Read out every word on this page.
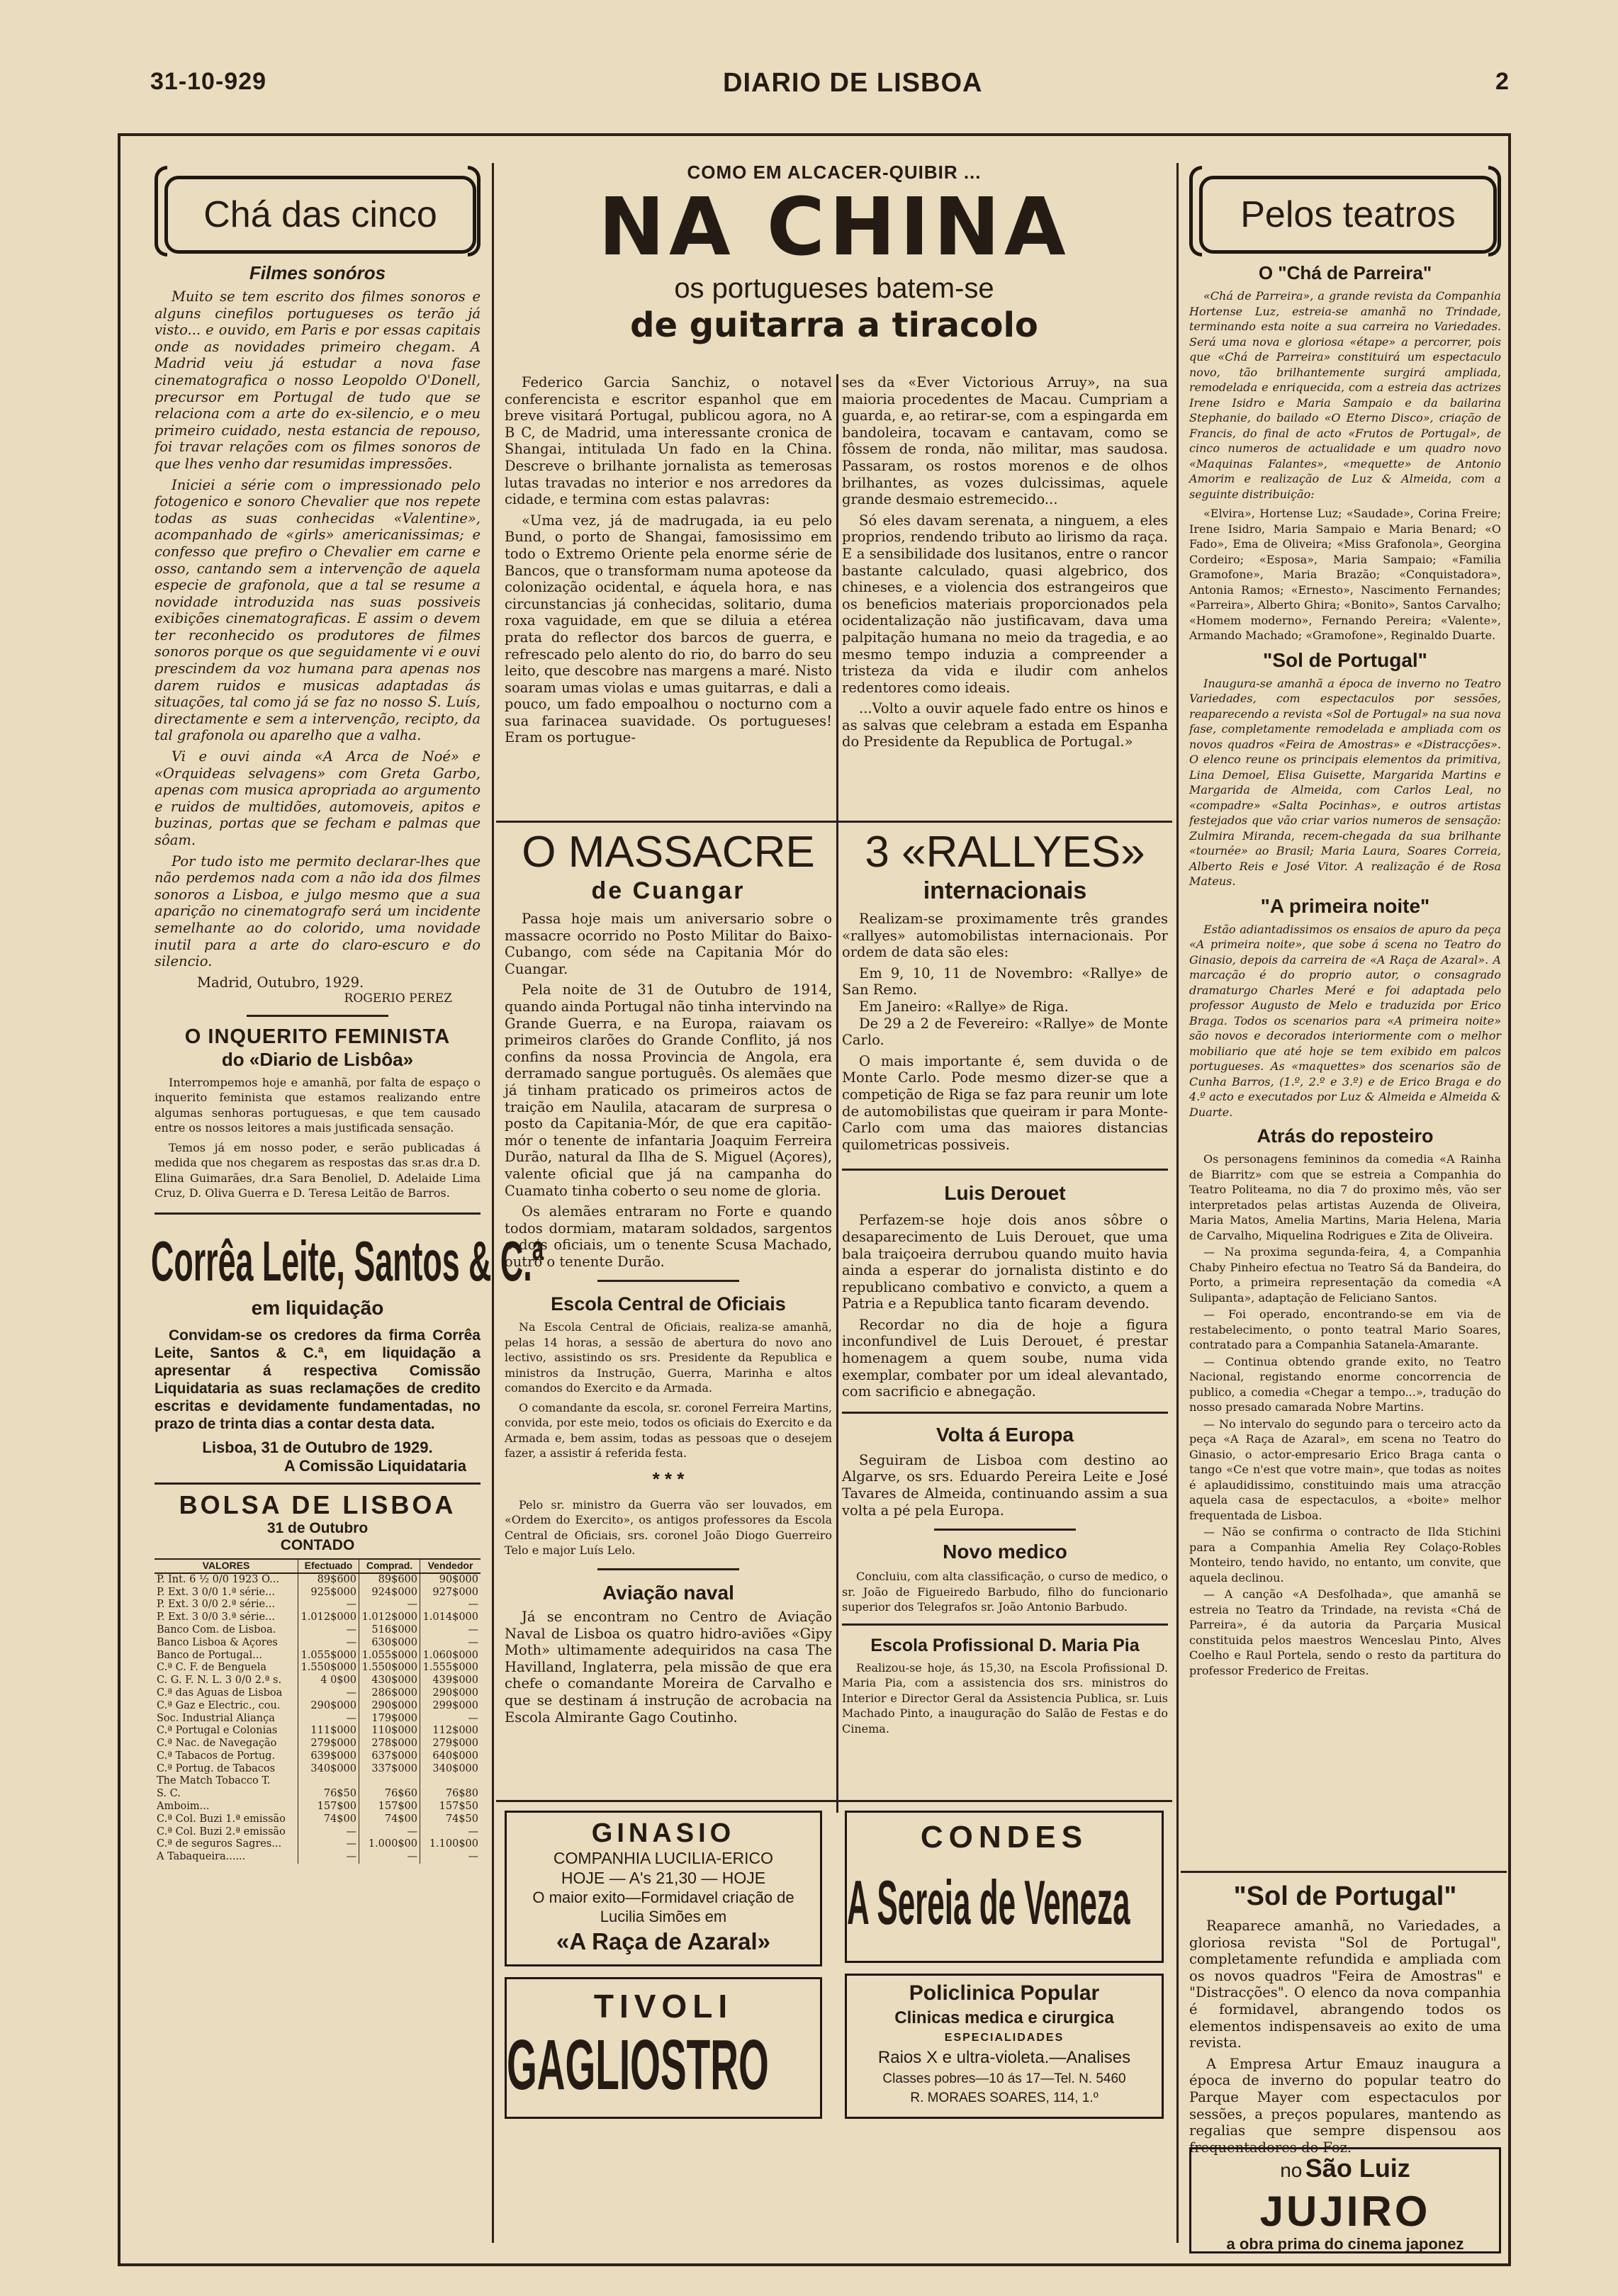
31-10-929	DIARIO DE LISBOA	2
Chá das cinco
Filmes sonóros

Muito se tem escrito dos filmes sonoros e alguns cinefilos portugueses os terão já visto... e ouvido, em Paris e por essas capitais onde as novidades primeiro chegam. A Madrid veiu já estudar a nova fase cinematografica o nosso Leopoldo O'Donell, precursor em Portugal de tudo que se relaciona com a arte do ex-silencio, e o meu primeiro cuidado, nesta estancia de repouso, foi travar relações com os filmes sonoros de que lhes venho dar resumidas impressões.

Iniciei a série com o impressionado pelo fotogenico e sonoro Chevalier que nos repete todas as suas conhecidas «Valentine», acompanhado de «girls» americanissimas; e confesso que prefiro o Chevalier em carne e osso, cantando sem a intervenção de aquela especie de grafonola, que a tal se resume a novidade introduzida nas suas possiveis exibições cinematograficas. E assim o devem ter reconhecido os produtores de filmes sonoros porque os que seguidamente vi e ouvi prescindem da voz humana para apenas nos darem ruidos e musicas adaptadas ás situações, tal como já se faz no nosso S. Luís, directamente e sem a intervenção, recipto, da tal grafonola ou aparelho que a valha.

Vi e ouvi ainda «A Arca de Noé» e «Orquideas selvagens» com Greta Garbo, apenas com musica apropriada ao argumento e ruidos de multidões, automoveis, apitos e buzinas, portas que se fecham e palmas que sôam.

Por tudo isto me permito declarar-lhes que não perdemos nada com a não ida dos filmes sonoros a Lisboa, e julgo mesmo que a sua aparição no cinematografo será um incidente semelhante ao do colorido, uma novidade inutil para a arte do claro-escuro e do silencio.

Madrid, Outubro, 1929.
ROGERIO PEREZ
O INQUERITO FEMINISTA
do «Diario de Lisbôa»

Interrompemos hoje e amanhã, por falta de espaço o inquerito feminista que estamos realizando entre algumas senhoras portuguesas, e que tem causado entre os nossos leitores a mais justificada sensação.

Temos já em nosso poder, e serão publicadas á medida que nos chegarem as respostas das sr.as dr.a D. Elina Guimarães, dr.a Sara Benoliel, D. Adelaide Lima Cruz, D. Oliva Guerra e D. Teresa Leitão de Barros.

Corrêa Leite, Santos & C.ª
em liquidação

Convidam-se os credores da firma Corrêa Leite, Santos & C.ª, em liquidação a apresentar á respectiva Comissão Liquidataria as suas reclamações de credito escritas e devidamente fundamentadas, no prazo de trinta dias a contar desta data.

Lisboa, 31 de Outubro de 1929.
A Comissão Liquidataria
BOLSA DE LISBOA
31 de Outubro
CONTADO
VALORES	Efectuado	Comprad.	Vendedor
P. Int. 6 ½ 0/0 1923 O...	89$600	89$600	90$000
P. Ext. 3 0/0 1.ª série...	925$000	924$000	927$000
P. Ext. 3 0/0 2.ª série...	—	—	—
P. Ext. 3 0/0 3.ª série...	1.012$000	1.012$000	1.014$000
Banco Com. de Lisboa.	—	516$000	—
Banco Lisboa & Açores	—	630$000	—
Banco de Portugal...	1.055$000	1.055$000	1.060$000
C.ª C. F. de Benguela	1.550$000	1.550$000	1.555$000
C. G. F. N. L. 3 0/0 2.ª s.	4 0$00	430$000	439$000
C.ª das Aguas de Lisboa	—	286$000	290$000
C.ª Gaz e Electric., cou.	290$000	290$000	299$000
Soc. Industrial Aliança	—	179$000	—
C.ª Portugal e Colonias	111$000	110$000	112$000
C.ª Nac. de Navegação	279$000	278$000	279$000
C.ª Tabacos de Portug.	639$000	637$000	640$000
C.ª Portug. de Tabacos	340$000	337$000	340$000
The Match Tobacco T.			
S. C.	76$50	76$60	76$80
Amboim...	157$00	157$00	157$50
C.ª Col. Buzi 1.ª emissão	74$00	74$00	74$50
C.ª Col. Buzi 2.ª emissão	—	—	—
C.ª de seguros Sagres...	—	1.000$00	1.100$00
A Tabaqueira......	—	—	—
COMO EM ALCACER-QUIBIR ...
NA CHINA
os portugueses batem-se
de guitarra a tiracolo

Federico Garcia Sanchiz, o notavel conferencista e escritor espanhol que em breve visitará Portugal, publicou agora, no A B C, de Madrid, uma interessante cronica de Shangai, intitulada Un fado en la China. Descreve o brilhante jornalista as temerosas lutas travadas no interior e nos arredores da cidade, e termina com estas palavras:

«Uma vez, já de madrugada, ia eu pelo Bund, o porto de Shangai, famosissimo em todo o Extremo Oriente pela enorme série de Bancos, que o transformam numa apoteose da colonização ocidental, e áquela hora, e nas circunstancias já conhecidas, solitario, duma roxa vaguidade, em que se diluia a etérea prata do reflector dos barcos de guerra, e refrescado pelo alento do rio, do barro do seu leito, que descobre nas margens a maré. Nisto soaram umas violas e umas guitarras, e dali a pouco, um fado empoalhou o nocturno com a sua farinacea suavidade. Os portugueses! Eram os portugue-

ses da «Ever Victorious Arruy», na sua maioria procedentes de Macau. Cumpriam a guarda, e, ao retirar-se, com a espingarda em bandoleira, tocavam e cantavam, como se fôssem de ronda, não militar, mas saudosa. Passaram, os rostos morenos e de olhos brilhantes, as vozes dulcissimas, aquele grande desmaio estremecido...

Só eles davam serenata, a ninguem, a eles proprios, rendendo tributo ao lirismo da raça. E a sensibilidade dos lusitanos, entre o rancor bastante calculado, quasi algebrico, dos chineses, e a violencia dos estrangeiros que os beneficios materiais proporcionados pela ocidentalização não justificavam, dava uma palpitação humana no meio da tragedia, e ao mesmo tempo induzia a compreender a tristeza da vida e iludir com anhelos redentores como ideais.

...Volto a ouvir aquele fado entre os hinos e as salvas que celebram a estada em Espanha do Presidente da Republica de Portugal.»

O MASSACRE
de Cuangar

Passa hoje mais um aniversario sobre o massacre ocorrido no Posto Militar do Baixo-Cubango, com séde na Capitania Mór do Cuangar.

Pela noite de 31 de Outubro de 1914, quando ainda Portugal não tinha intervindo na Grande Guerra, e na Europa, raiavam os primeiros clarões do Grande Conflito, já nos confins da nossa Provincia de Angola, era derramado sangue português. Os alemães que já tinham praticado os primeiros actos de traição em Naulila, atacaram de surpresa o posto da Capitania-Mór, de que era capitão-mór o tenente de infantaria Joaquim Ferreira Durão, natural da Ilha de S. Miguel (Açores), valente oficial que já na campanha do Cuamato tinha coberto o seu nome de gloria.

Os alemães entraram no Forte e quando todos dormiam, mataram soldados, sargentos e dois oficiais, um o tenente Scusa Machado, outro o tenente Durão.

Escola Central de Oficiais

Na Escola Central de Oficiais, realiza-se amanhã, pelas 14 horas, a sessão de abertura do novo ano lectivo, assistindo os srs. Presidente da Republica e ministros da Instrução, Guerra, Marinha e altos comandos do Exercito e da Armada.

O comandante da escola, sr. coronel Ferreira Martins, convida, por este meio, todos os oficiais do Exercito e da Armada e, bem assim, todas as pessoas que o desejem fazer, a assistir á referida festa.

* * *

Pelo sr. ministro da Guerra vão ser louvados, em «Ordem do Exercito», os antigos professores da Escola Central de Oficiais, srs. coronel João Diogo Guerreiro Telo e major Luís Lelo.

Aviação naval

Já se encontram no Centro de Aviação Naval de Lisboa os quatro hidro-aviões «Gipy Moth» ultimamente adequiridos na casa The Havilland, Inglaterra, pela missão de que era chefe o comandante Moreira de Carvalho e que se destinam á instrução de acrobacia na Escola Almirante Gago Coutinho.

3 «RALLYES»
internacionais

Realizam-se proximamente três grandes «rallyes» automobilistas internacionais. Por ordem de data são eles:

Em 9, 10, 11 de Novembro: «Rallye» de San Remo.

Em Janeiro: «Rallye» de Riga.

De 29 a 2 de Fevereiro: «Rallye» de Monte Carlo.

O mais importante é, sem duvida o de Monte Carlo. Pode mesmo dizer-se que a competição de Riga se faz para reunir um lote de automobilistas que queiram ir para Monte-Carlo com uma das maiores distancias quilometricas possiveis.

Luis Derouet

Perfazem-se hoje dois anos sôbre o desaparecimento de Luis Derouet, que uma bala traiçoeira derrubou quando muito havia ainda a esperar do jornalista distinto e do republicano combativo e convicto, a quem a Patria e a Republica tanto ficaram devendo.

Recordar no dia de hoje a figura inconfundivel de Luis Derouet, é prestar homenagem a quem soube, numa vida exemplar, combater por um ideal alevantado, com sacrificio e abnegação.

Volta á Europa

Seguiram de Lisboa com destino ao Algarve, os srs. Eduardo Pereira Leite e José Tavares de Almeida, continuando assim a sua volta a pé pela Europa.

Novo medico

Concluiu, com alta classificação, o curso de medico, o sr. João de Figueiredo Barbudo, filho do funcionario superior dos Telegrafos sr. João Antonio Barbudo.

Escola Profissional D. Maria Pia

Realizou-se hoje, ás 15,30, na Escola Profissional D. Maria Pia, com a assistencia dos srs. ministros do Interior e Director Geral da Assistencia Publica, sr. Luis Machado Pinto, a inauguração do Salão de Festas e do Cinema.

GINASIO
COMPANHIA LUCILIA-ERICO
HOJE — A's 21,30 — HOJE
O maior exito—Formidavel criação de Lucilia Simões em
«A Raça de Azaral»
TIVOLI
GAGLIOSTRO
CONDES
A Sereia de Veneza
Policlinica Popular
Clinicas medica e cirurgica
ESPECIALIDADES
Raios X e ultra-violeta.—Analises
Classes pobres—10 ás 17—Tel. N. 5460
R. MORAES SOARES, 114, 1.º
Pelos teatros
O "Chá de Parreira"

«Chá de Parreira», a grande revista da Companhia Hortense Luz, estreia-se amanhã no Trindade, terminando esta noite a sua carreira no Variedades. Será uma nova e gloriosa «étape» a percorrer, pois que «Chá de Parreira» constituirá um espectaculo novo, tão brilhantemente surgirá ampliada, remodelada e enriquecida, com a estreia das actrizes Irene Isidro e Maria Sampaio e da bailarina Stephanie, do bailado «O Eterno Disco», criação de Francis, do final de acto «Frutos de Portugal», de cinco numeros de actualidade e um quadro novo «Maquinas Falantes», «mequette» de Antonio Amorim e realização de Luz & Almeida, com a seguinte distribuição:

«Elvira», Hortense Luz; «Saudade», Corina Freire; Irene Isidro, Maria Sampaio e Maria Benard; «O Fado», Ema de Oliveira; «Miss Grafonola», Georgina Cordeiro; «Esposa», Maria Sampaio; «Familia Gramofone», Maria Brazão; «Conquistadora», Antonia Ramos; «Ernesto», Nascimento Fernandes; «Parreira», Alberto Ghira; «Bonito», Santos Carvalho; «Homem moderno», Fernando Pereira; «Valente», Armando Machado; «Gramofone», Reginaldo Duarte.

"Sol de Portugal"

Inaugura-se amanhã a época de inverno no Teatro Variedades, com espectaculos por sessões, reaparecendo a revista «Sol de Portugal» na sua nova fase, completamente remodelada e ampliada com os novos quadros «Feira de Amostras» e «Distracções». O elenco reune os principais elementos da primitiva, Lina Demoel, Elisa Guisette, Margarida Martins e Margarida de Almeida, com Carlos Leal, no «compadre» «Salta Pocinhas», e outros artistas festejados que vão criar varios numeros de sensação: Zulmira Miranda, recem-chegada da sua brilhante «tournée» ao Brasil; Maria Laura, Soares Correia, Alberto Reis e José Vitor. A realização é de Rosa Mateus.

"A primeira noite"

Estão adiantadissimos os ensaios de apuro da peça «A primeira noite», que sobe á scena no Teatro do Ginasio, depois da carreira de «A Raça de Azaral». A marcação é do proprio autor, o consagrado dramaturgo Charles Meré e foi adaptada pelo professor Augusto de Melo e traduzida por Erico Braga. Todos os scenarios para «A primeira noite» são novos e decorados interiormente com o melhor mobiliario que até hoje se tem exibido em palcos portugueses. As «maquettes» dos scenarios são de Cunha Barros, (1.º, 2.º e 3.º) e de Erico Braga e do 4.º acto e executados por Luz & Almeida e Almeida & Duarte.

Atrás do reposteiro

Os personagens femininos da comedia «A Rainha de Biarritz» com que se estreia a Companhia do Teatro Politeama, no dia 7 do proximo mês, vão ser interpretados pelas artistas Auzenda de Oliveira, Maria Matos, Amelia Martins, Maria Helena, Maria de Carvalho, Miquelina Rodrigues e Zita de Oliveira.

— Na proxima segunda-feira, 4, a Companhia Chaby Pinheiro efectua no Teatro Sá da Bandeira, do Porto, a primeira representação da comedia «A Sulipanta», adaptação de Feliciano Santos.

— Foi operado, encontrando-se em via de restabelecimento, o ponto teatral Mario Soares, contratado para a Companhia Satanela-Amarante.

— Continua obtendo grande exito, no Teatro Nacional, registando enorme concorrencia de publico, a comedia «Chegar a tempo...», tradução do nosso presado camarada Nobre Martins.

— No intervalo do segundo para o terceiro acto da peça «A Raça de Azaral», em scena no Teatro do Ginasio, o actor-empresario Erico Braga canta o tango «Ce n'est que votre main», que todas as noites é aplaudidissimo, constituindo mais uma atracção aquela casa de espectaculos, a «boite» melhor frequentada de Lisboa.

— Não se confirma o contracto de Ilda Stichini para a Companhia Amelia Rey Colaço-Robles Monteiro, tendo havido, no entanto, um convite, que aquela declinou.

— A canção «A Desfolhada», que amanhã se estreia no Teatro da Trindade, na revista «Chá de Parreira», é da autoria da Parçaria Musical constituida pelos maestros Wenceslau Pinto, Alves Coelho e Raul Portela, sendo o resto da partitura do professor Frederico de Freitas.

"Sol de Portugal"

Reaparece amanhã, no Variedades, a gloriosa revista "Sol de Portugal", completamente refundida e ampliada com os novos quadros "Feira de Amostras" e "Distracções". O elenco da nova companhia é formidavel, abrangendo todos os elementos indispensaveis ao exito de uma revista.

A Empresa Artur Emauz inaugura a época de inverno do popular teatro do Parque Mayer com espectaculos por sessões, a preços populares, mantendo as regalias que sempre dispensou aos frequentadores do Foz.

no São Luiz
JUJIRO
a obra prima do cinema japonez
